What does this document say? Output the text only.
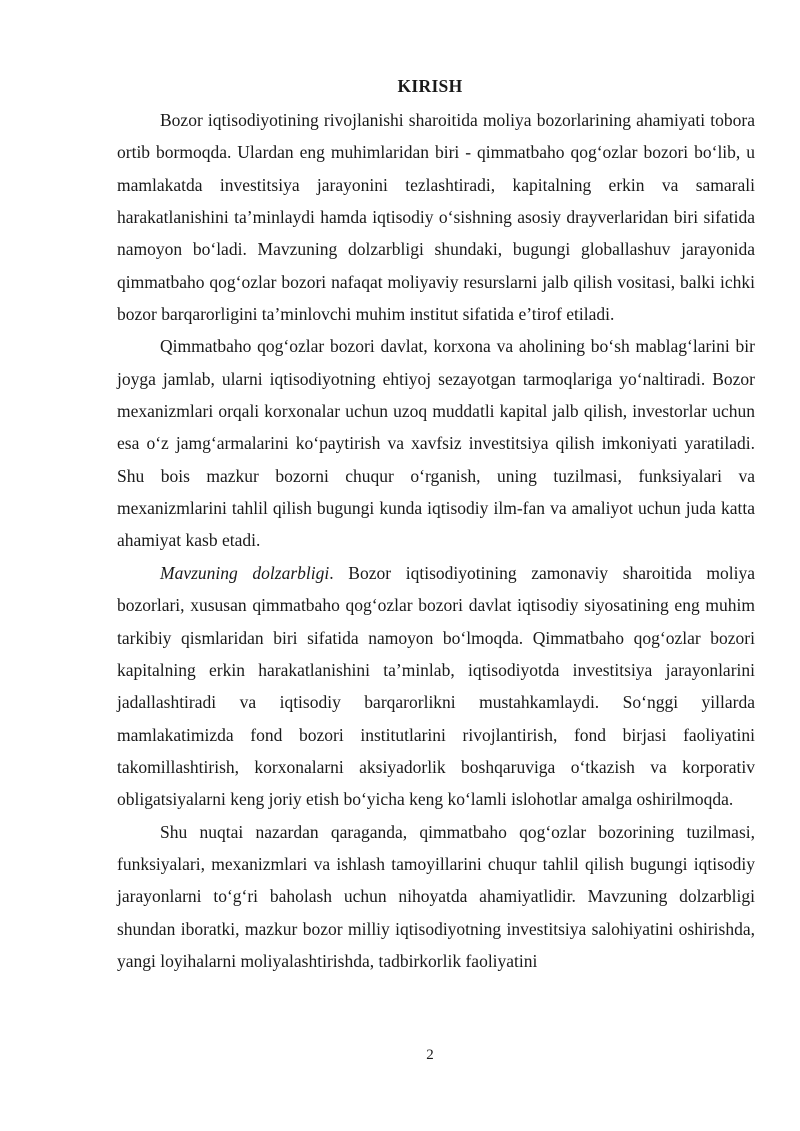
KIRISH

Bozor iqtisodiyotining rivojlanishi sharoitida moliya bozorlarining ahamiyati tobora ortib bormoqda. Ulardan eng muhimlaridan biri - qimmatbaho qog‘ozlar bozori bo‘lib, u mamlakatda investitsiya jarayonini tezlashtiradi, kapitalning erkin va samarali harakatlanishini ta’minlaydi hamda iqtisodiy o‘sishning asosiy drayverlaridan biri sifatida namoyon bo‘ladi. Mavzuning dolzarbligi shundaki, bugungi globallashuv jarayonida qimmatbaho qog‘ozlar bozori nafaqat moliyaviy resurslarni jalb qilish vositasi, balki ichki bozor barqarorligini ta’minlovchi muhim institut sifatida e’tirof etiladi.

Qimmatbaho qog‘ozlar bozori davlat, korxona va aholining bo‘sh mablag‘larini bir joyga jamlab, ularni iqtisodiyotning ehtiyoj sezayotgan tarmoqlariga yo‘naltiradi. Bozor mexanizmlari orqali korxonalar uchun uzoq muddatli kapital jalb qilish, investorlar uchun esa o‘z jamg‘armalarini ko‘paytirish va xavfsiz investitsiya qilish imkoniyati yaratiladi. Shu bois mazkur bozorni chuqur o‘rganish, uning tuzilmasi, funksiyalari va mexanizmlarini tahlil qilish bugungi kunda iqtisodiy ilm-fan va amaliyot uchun juda katta ahamiyat kasb etadi.

Mavzuning dolzarbligi. Bozor iqtisodiyotining zamonaviy sharoitida moliya bozorlari, xususan qimmatbaho qog‘ozlar bozori davlat iqtisodiy siyosatining eng muhim tarkibiy qismlaridan biri sifatida namoyon bo‘lmoqda. Qimmatbaho qog‘ozlar bozori kapitalning erkin harakatlanishini ta’minlab, iqtisodiyotda investitsiya jarayonlarini jadallashtiradi va iqtisodiy barqarorlikni mustahkamlaydi. So‘nggi yillarda mamlakatimizda fond bozori institutlarini rivojlantirish, fond birjasi faoliyatini takomillashtirish, korxonalarni aksiyadorlik boshqaruviga o‘tkazish va korporativ obligatsiyalarni keng joriy etish bo‘yicha keng ko‘lamli islohotlar amalga oshirilmoqda.

Shu nuqtai nazardan qaraganda, qimmatbaho qog‘ozlar bozorining tuzilmasi, funksiyalari, mexanizmlari va ishlash tamoyillarini chuqur tahlil qilish bugungi iqtisodiy jarayonlarni to‘g‘ri baholash uchun nihoyatda ahamiyatlidir. Mavzuning dolzarbligi shundan iboratki, mazkur bozor milliy iqtisodiyotning investitsiya salohiyatini oshirishda, yangi loyihalarni moliyalashtirishda, tadbirkorlik faoliyatini

2
